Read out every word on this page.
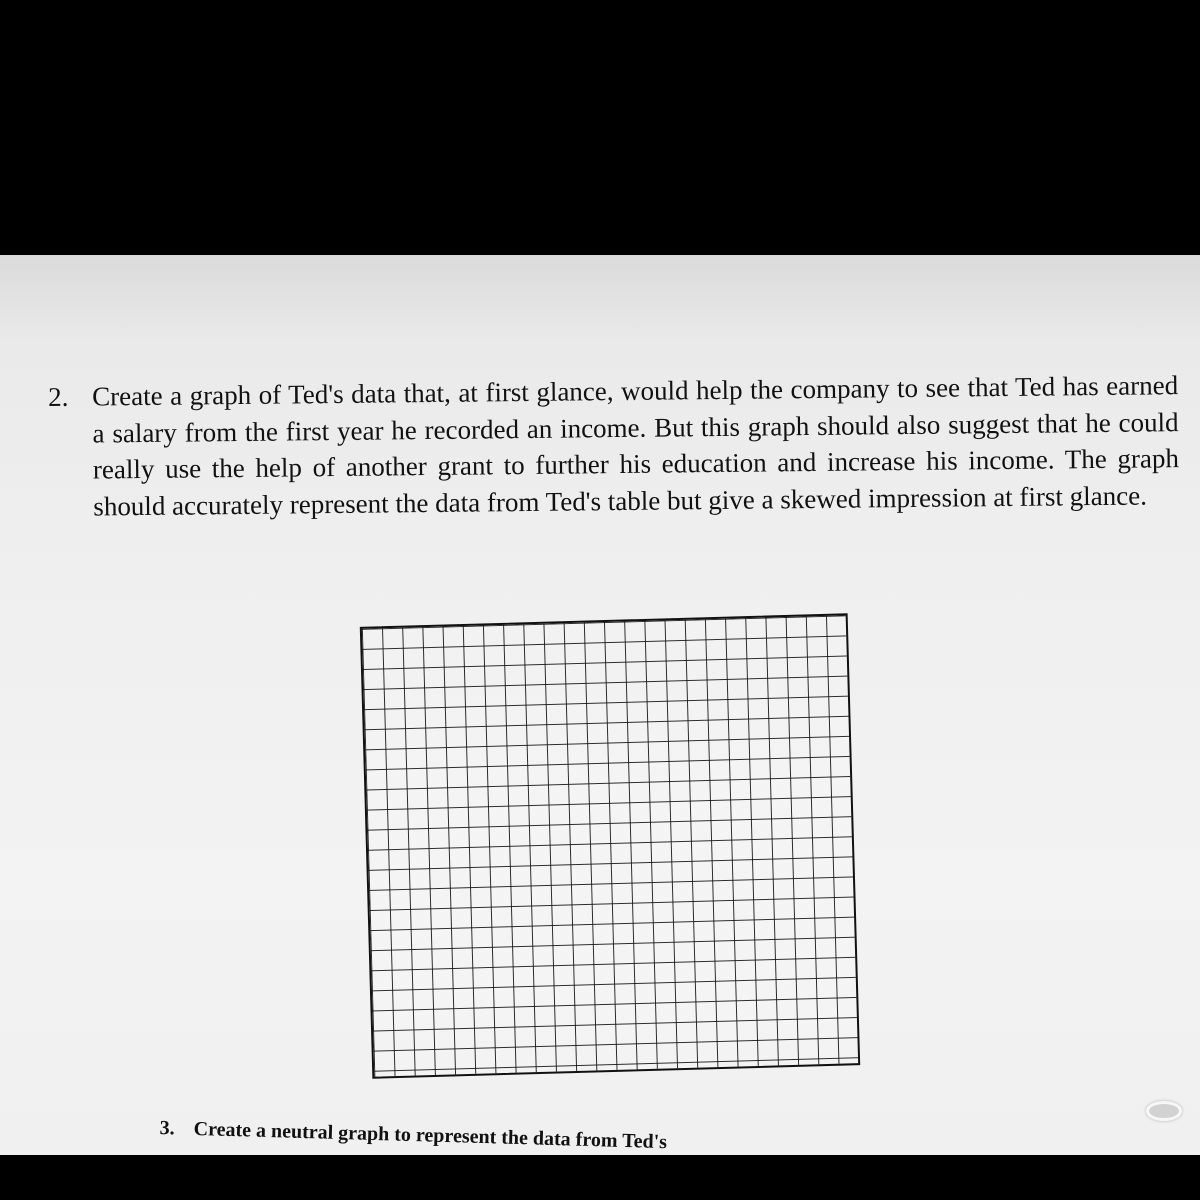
2. Create a graph of Ted's data that, at first glance, would help the company to see that Ted has earned a salary from the first year he recorded an income. But this graph should also suggest that he could really use the help of another grant to further his education and increase his income. The graph should accurately represent the data from Ted's table but give a skewed impression at first glance.
3. Create a neutral graph to represent the data from Ted's
